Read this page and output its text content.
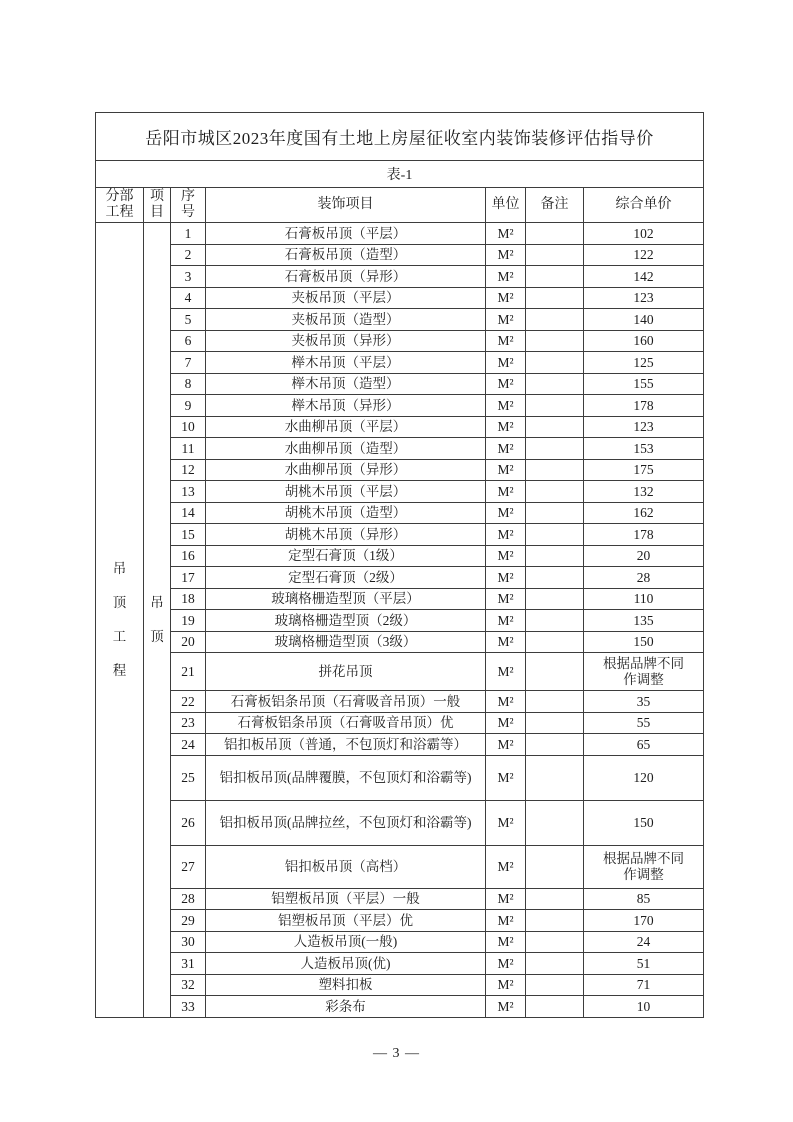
岳阳市城区2023年度国有土地上房屋征收室内装饰装修评估指导价						
表-1						
分部工程	项目	序号	装饰项目	单位	备注	综合单价
吊顶工程	吊顶	1	石膏板吊顶（平层）	M²		102
		2	石膏板吊顶（造型）	M²		122
		3	石膏板吊顶（异形）	M²		142
		4	夹板吊顶（平层）	M²		123
		5	夹板吊顶（造型）	M²		140
		6	夹板吊顶（异形）	M²		160
		7	榉木吊顶（平层）	M²		125
		8	榉木吊顶（造型）	M²		155
		9	榉木吊顶（异形）	M²		178
		10	水曲柳吊顶（平层）	M²		123
		11	水曲柳吊顶（造型）	M²		153
		12	水曲柳吊顶（异形）	M²		175
		13	胡桃木吊顶（平层）	M²		132
		14	胡桃木吊顶（造型）	M²		162
		15	胡桃木吊顶（异形）	M²		178
		16	定型石膏顶（1级）	M²		20
		17	定型石膏顶（2级）	M²		28
		18	玻璃格栅造型顶（平层）	M²		110
		19	玻璃格栅造型顶（2级）	M²		135
		20	玻璃格栅造型顶（3级）	M²		150
		21	拼花吊顶	M²		根据品牌不同作调整
		22	石膏板铝条吊顶（石膏吸音吊顶）一般	M²		35
		23	石膏板铝条吊顶（石膏吸音吊顶）优	M²		55
		24	铝扣板吊顶（普通，不包顶灯和浴霸等）	M²		65
		25	铝扣板吊顶(品牌覆膜，不包顶灯和浴霸等)	M²		120
		26	铝扣板吊顶(品牌拉丝，不包顶灯和浴霸等)	M²		150
		27	铝扣板吊顶（高档）	M²		根据品牌不同作调整
		28	铝塑板吊顶（平层）一般	M²		85
		29	铝塑板吊顶（平层）优	M²		170
		30	人造板吊顶(一般)	M²		24
		31	人造板吊顶(优)	M²		51
		32	塑料扣板	M²		71
		33	彩条布	M²		10
— 3 —
